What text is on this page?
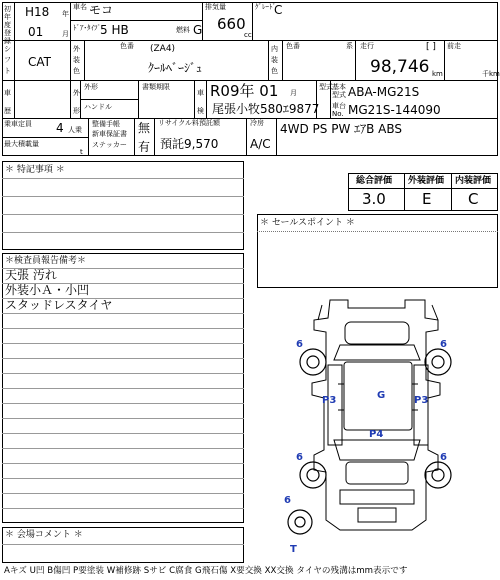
初年度登録
H18 年
01	月
車名 モコ
ﾄﾞｱ･ﾀｲﾌﾟ 5 HB	燃料 G
排気量
660
cc
ｸﾞﾚｰﾄﾞ
C
シフト
CAT
外装色
色番 (ZA4)
ｸｰﾙﾍﾞｰｼﾞｭ
内装色
色番	系 走行	[ ]
98,746 km
前走
千km
車歴
外形
外形
ハンドル
書類期限
車検
R09年 01 月
尾張小牧580ｴ9877
型式 基本型式 ABA-MG21S
車台No. MG21S-144090
乗車定員 4 人乗
最大積載量
t
整備手帳
新車保証書
ステッカー
無
有
リサイクル料預託額
預託9,570
冷房
A/C
4WD PS PW ｴｱB ABS
＊ 特記事項 ＊
総合評価 外装評価 内装評価
3.0 E C
＊ セールスポイント ＊
＊検査員報告備考＊
天張 汚れ
外装小Ａ・小凹
スタッドレスタイヤ
＊ 会場コメント ＊
6	6
6	6
6
T
P3	G	P3
P4
Aキズ U凹 B傷凹 P要塗装 W補修跡 Sサビ C腐食 G飛石傷 X要交換 XX交換 タイヤの残溝はmm表示です
